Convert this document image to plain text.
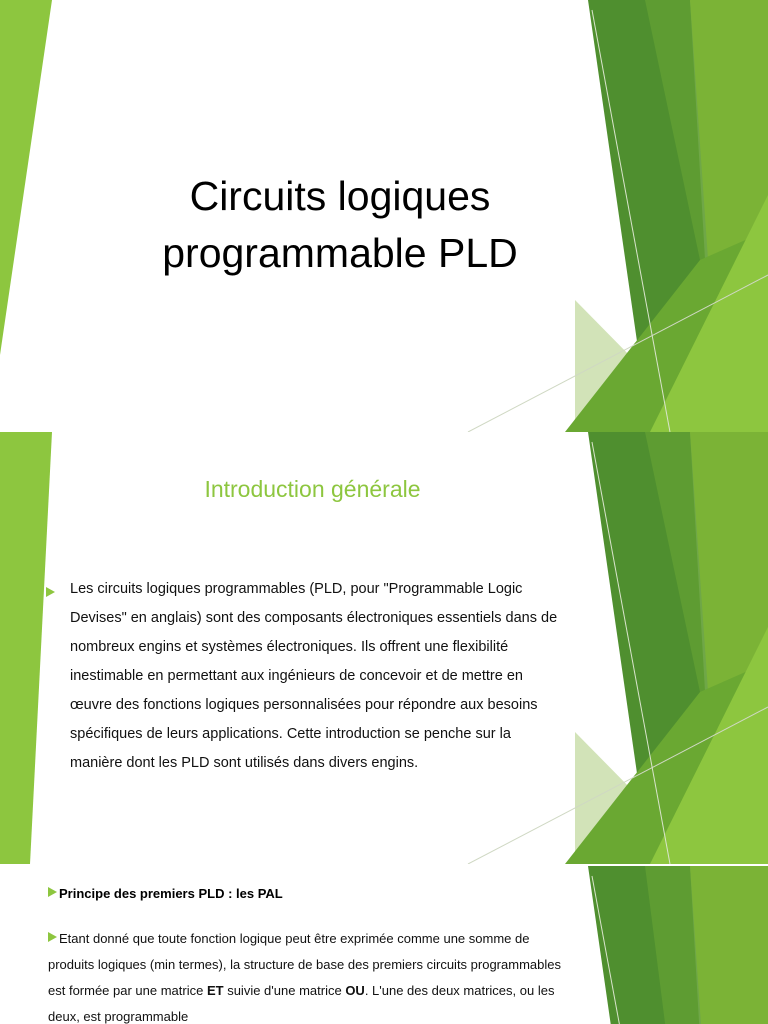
Circuits logiques
programmable PLD
Introduction générale
Les circuits logiques programmables (PLD, pour "Programmable Logic Devises" en anglais) sont des composants électroniques essentiels dans de nombreux engins et systèmes électroniques. Ils offrent une flexibilité inestimable en permettant aux ingénieurs de concevoir et de mettre en œuvre des fonctions logiques personnalisées pour répondre aux besoins spécifiques de leurs applications. Cette introduction se penche sur la manière dont les PLD sont utilisés dans divers engins.
Principe des premiers PLD : les PAL
Etant donné que toute fonction logique peut être exprimée comme une somme de produits logiques (min termes), la structure de base des premiers circuits programmables est formée par une matrice ET suivie d'une matrice OU. L'une des deux matrices, ou les deux, est programmable
